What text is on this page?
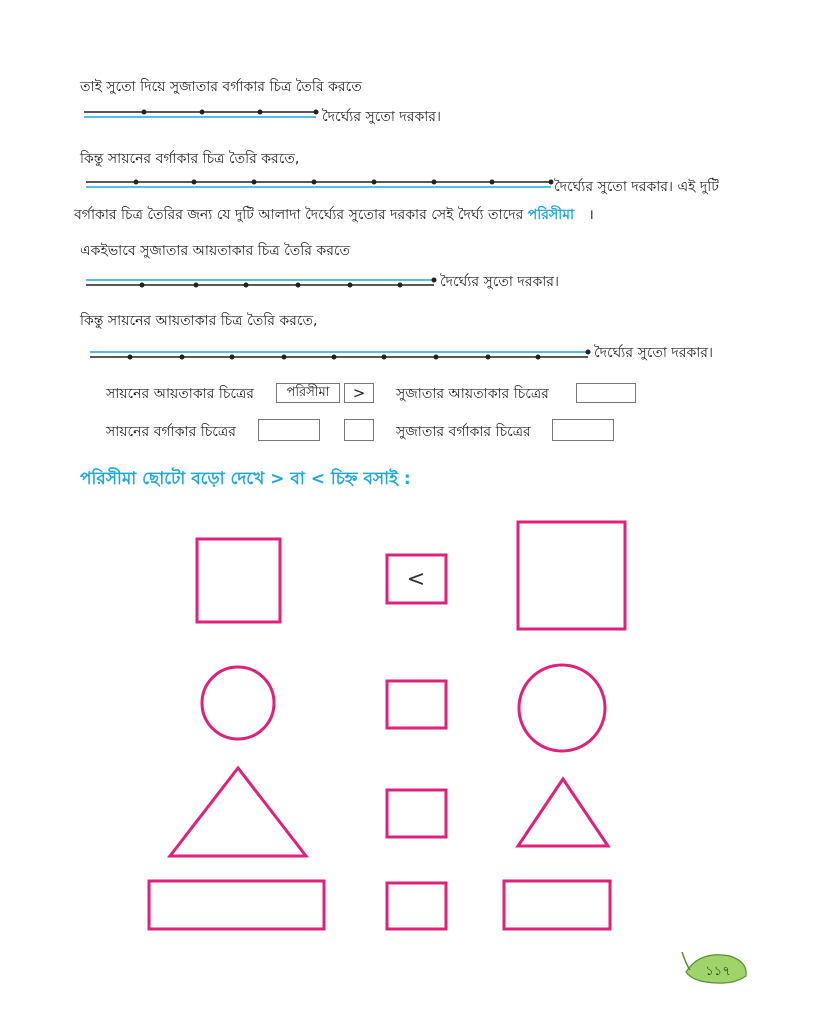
তাই সুতো দিয়ে সুজাতার বর্গাকার চিত্র তৈরি করতে
দৈর্ঘ্যের সুতো দরকার।
কিন্তু সায়নের বর্গাকার চিত্র তৈরি করতে,
দৈর্ঘ্যের সুতো দরকার। এই দুটি
বর্গাকার চিত্র তৈরির জন্য যে দুটি আলাদা দৈর্ঘ্যের সুতোর দরকার সেই দৈর্ঘ্য তাদের পরিসীমা ।
একইভাবে সুজাতার আয়তাকার চিত্র তৈরি করতে
দৈর্ঘ্যের সুতো দরকার।
কিন্তু সায়নের আয়তাকার চিত্র তৈরি করতে,
দৈর্ঘ্যের সুতো দরকার।
সায়নের আয়তাকার চিত্রের	পরিসীমা	>	সুজাতার আয়তাকার চিত্রের
সায়নের বর্গাকার চিত্রের	সুজাতার বর্গাকার চিত্রের
পরিসীমা ছোটো বড়ো দেখে > বা < চিহ্ন বসাই :
<
১১৭
